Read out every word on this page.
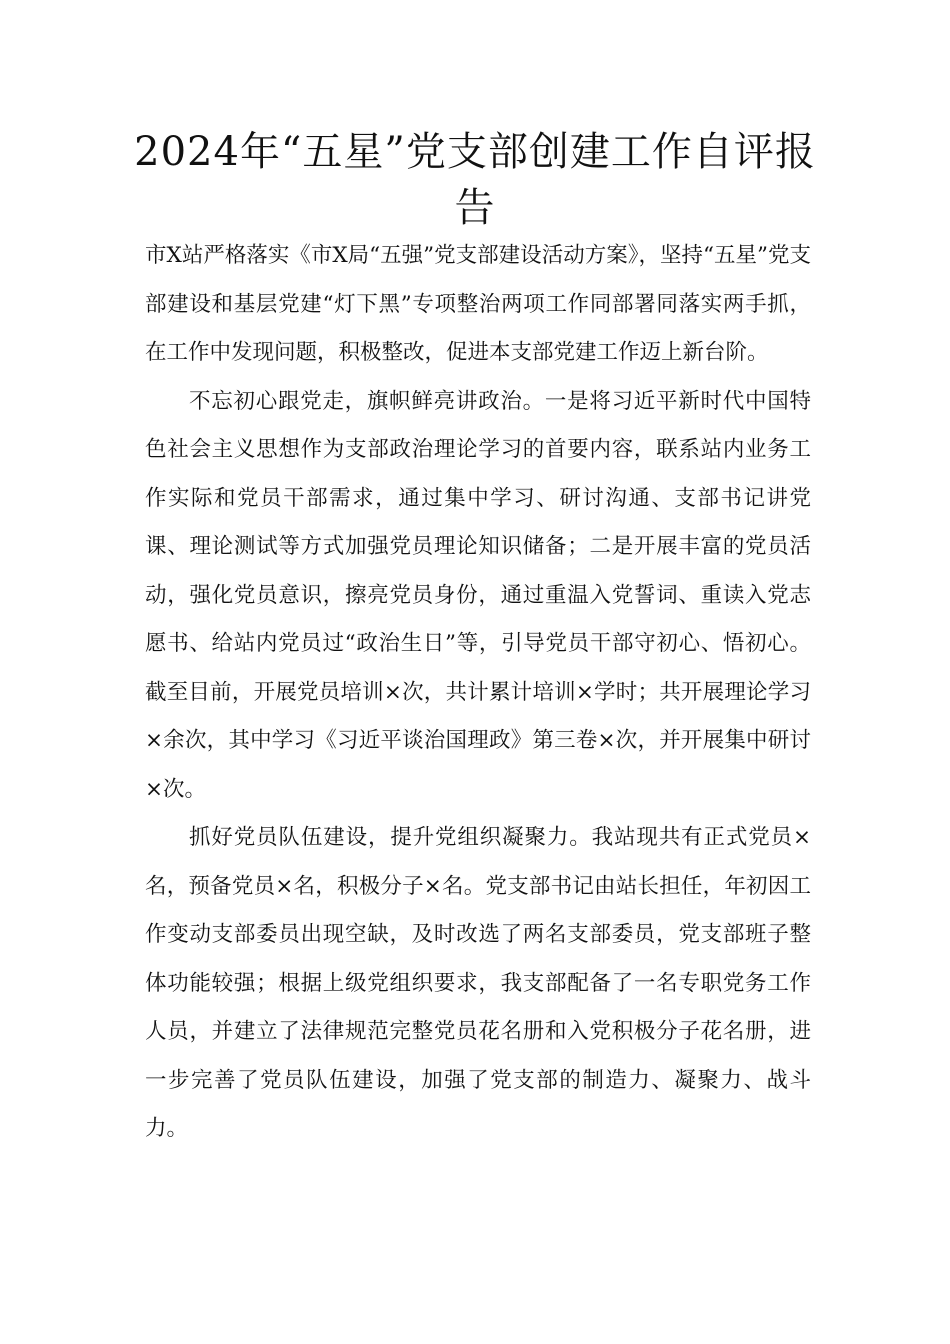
2024年“五星”党支部创建工作自评报告

市X站严格落实《市X局“五强”党支部建设活动方案》，坚持“五星”党支部建设和基层党建“灯下黑”专项整治两项工作同部署同落实两手抓，在工作中发现问题，积极整改，促进本支部党建工作迈上新台阶。

不忘初心跟党走，旗帜鲜亮讲政治。一是将习近平新时代中国特色社会主义思想作为支部政治理论学习的首要内容，联系站内业务工作实际和党员干部需求，通过集中学习、研讨沟通、支部书记讲党课、理论测试等方式加强党员理论知识储备；二是开展丰富的党员活动，强化党员意识，擦亮党员身份，通过重温入党誓词、重读入党志愿书、给站内党员过“政治生日”等，引导党员干部守初心、悟初心。截至目前，开展党员培训×次，共计累计培训×学时；共开展理论学习×余次，其中学习《习近平谈治国理政》第三卷×次，并开展集中研讨×次。

抓好党员队伍建设，提升党组织凝聚力。我站现共有正式党员×名，预备党员×名，积极分子×名。党支部书记由站长担任，年初因工作变动支部委员出现空缺，及时改选了两名支部委员，党支部班子整体功能较强；根据上级党组织要求，我支部配备了一名专职党务工作人员，并建立了法律规范完整党员花名册和入党积极分子花名册，进一步完善了党员队伍建设，加强了党支部的制造力、凝聚力、战斗力。
